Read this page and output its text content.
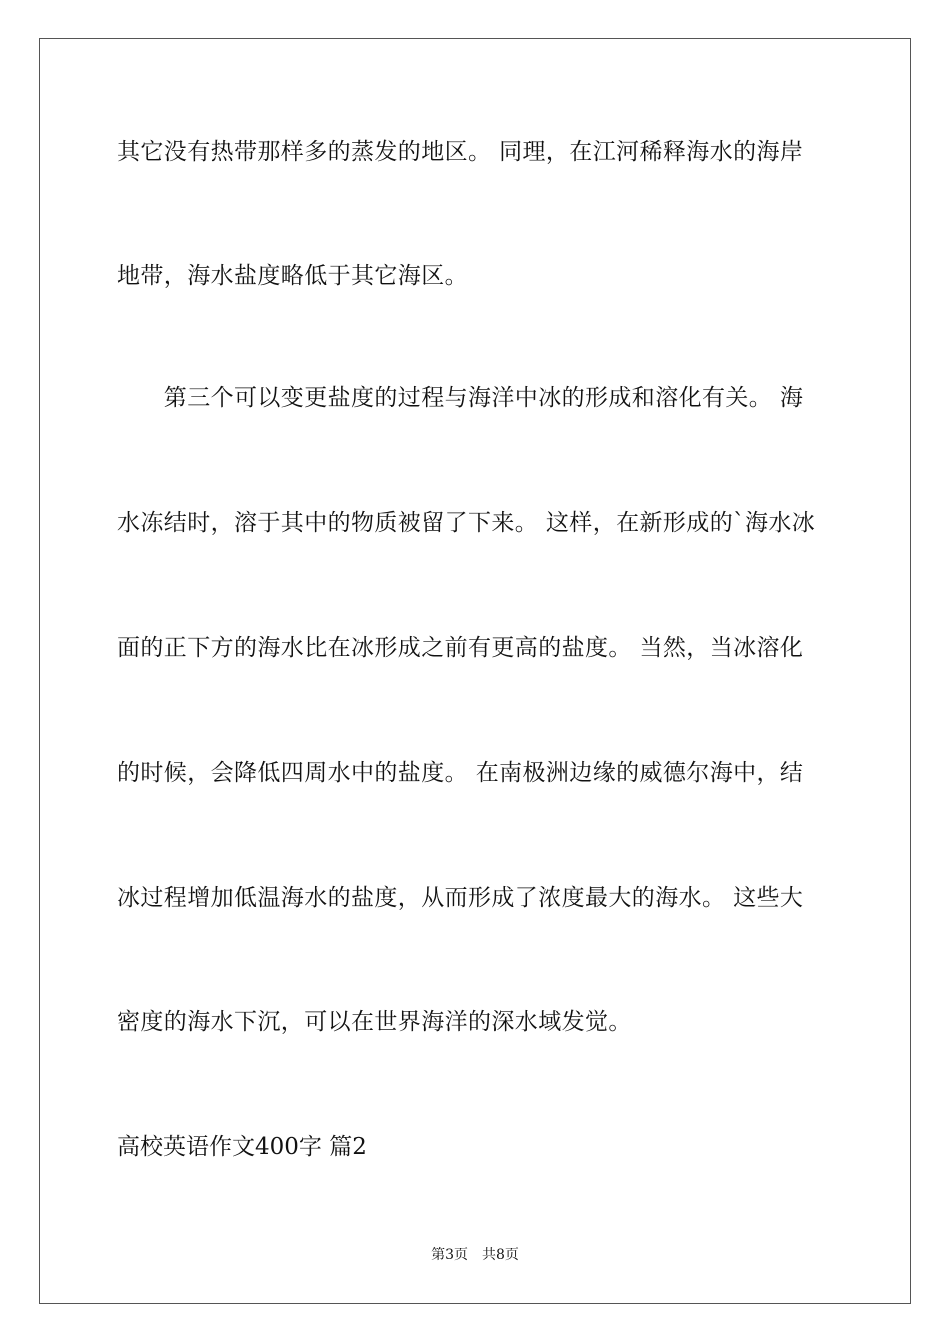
其它没有热带那样多的蒸发的地区。 同理，在江河稀释海水的海岸
地带，海水盐度略低于其它海区。
　　第三个可以变更盐度的过程与海洋中冰的形成和溶化有关。 海
水冻结时，溶于其中的物质被留了下来。 这样，在新形成的`海水冰
面的正下方的海水比在冰形成之前有更高的盐度。 当然，当冰溶化
的时候，会降低四周水中的盐度。 在南极洲边缘的威德尔海中，结
冰过程增加低温海水的盐度，从而形成了浓度最大的海水。 这些大
密度的海水下沉，可以在世界海洋的深水域发觉。
高校英语作文400字 篇2
第3页　共8页
